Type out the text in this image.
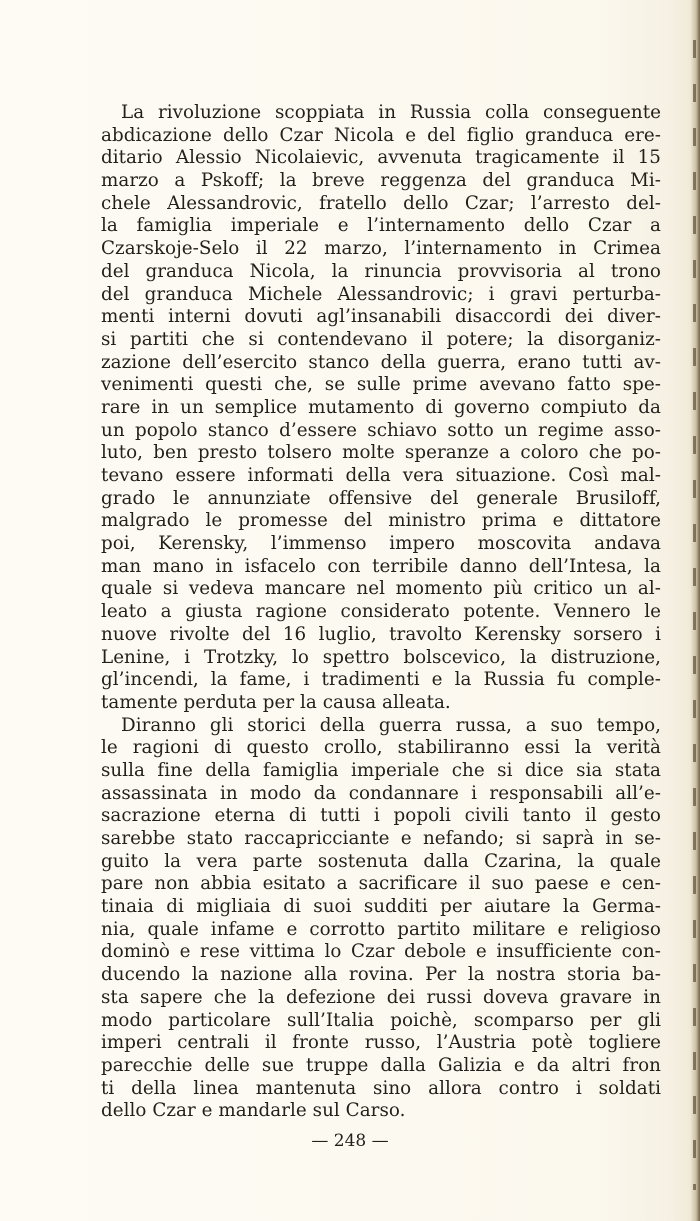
La rivoluzione scoppiata in Russia colla conseguente
abdicazione dello Czar Nicola e del figlio granduca ere-
ditario Alessio Nicolaievic, avvenuta tragicamente il 15
marzo a Pskoff; la breve reggenza del granduca Mi-
chele Alessandrovic, fratello dello Czar; l’arresto del-
la famiglia imperiale e l’internamento dello Czar a
Czarskoje-Selo il 22 marzo, l’internamento in Crimea
del granduca Nicola, la rinuncia provvisoria al trono
del granduca Michele Alessandrovic; i gravi perturba-
menti interni dovuti agl’insanabili disaccordi dei diver-
si partiti che si contendevano il potere; la disorganiz-
zazione dell’esercito stanco della guerra, erano tutti av-
venimenti questi che, se sulle prime avevano fatto spe-
rare in un semplice mutamento di governo compiuto da
un popolo stanco d’essere schiavo sotto un regime asso-
luto, ben presto tolsero molte speranze a coloro che po-
tevano essere informati della vera situazione. Così mal-
grado le annunziate offensive del generale Brusiloff,
malgrado le promesse del ministro prima e dittatore
poi, Kerensky, l’immenso impero moscovita andava
man mano in isfacelo con terribile danno dell’Intesa, la
quale si vedeva mancare nel momento più critico un al-
leato a giusta ragione considerato potente. Vennero le
nuove rivolte del 16 luglio, travolto Kerensky sorsero i
Lenine, i Trotzky, lo spettro bolscevico, la distruzione,
gl’incendi, la fame, i tradimenti e la Russia fu comple-
tamente perduta per la causa alleata.
Diranno gli storici della guerra russa, a suo tempo,
le ragioni di questo crollo, stabiliranno essi la verità
sulla fine della famiglia imperiale che si dice sia stata
assassinata in modo da condannare i responsabili all’e-
sacrazione eterna di tutti i popoli civili tanto il gesto
sarebbe stato raccapricciante e nefando; si saprà in se-
guito la vera parte sostenuta dalla Czarina, la quale
pare non abbia esitato a sacrificare il suo paese e cen-
tinaia di migliaia di suoi sudditi per aiutare la Germa-
nia, quale infame e corrotto partito militare e religioso
dominò e rese vittima lo Czar debole e insufficiente con-
ducendo la nazione alla rovina. Per la nostra storia ba-
sta sapere che la defezione dei russi doveva gravare in
modo particolare sull’Italia poichè, scomparso per gli
imperi centrali il fronte russo, l’Austria potè togliere
parecchie delle sue truppe dalla Galizia e da altri fron
ti della linea mantenuta sino allora contro i soldati
dello Czar e mandarle sul Carso.
— 248 —
